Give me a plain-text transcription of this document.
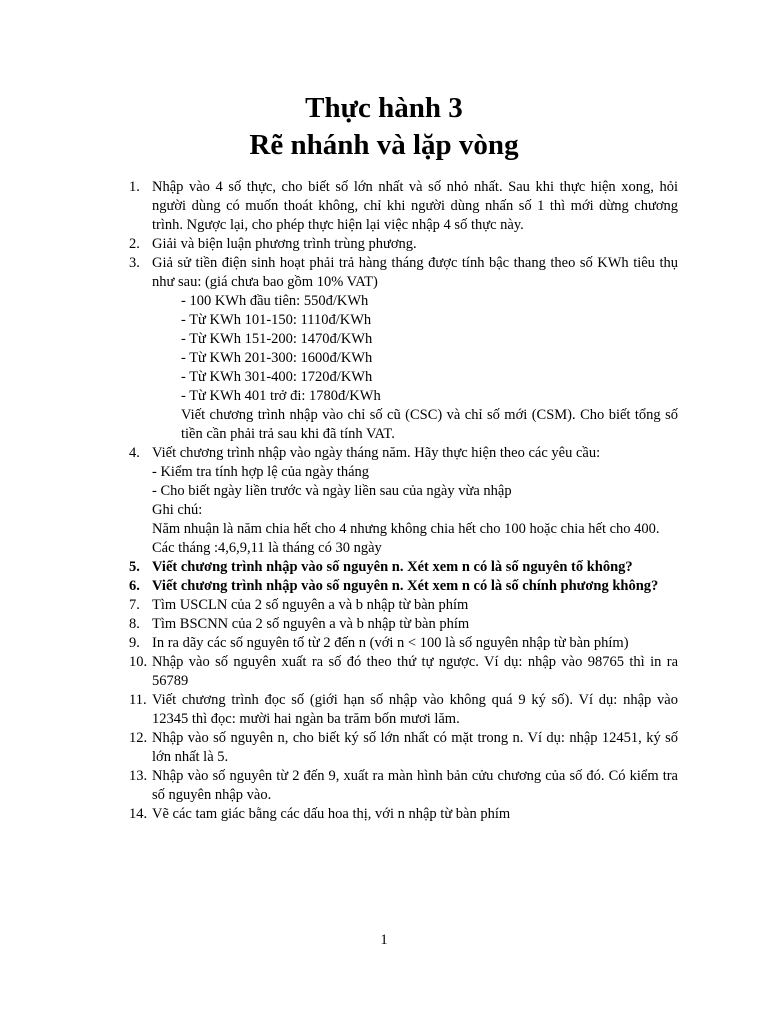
Thực hành 3
Rẽ nhánh và lặp vòng
1. Nhập vào 4 số thực, cho biết số lớn nhất và số nhỏ nhất. Sau khi thực hiện xong, hỏi người dùng có muốn thoát không, chỉ khi người dùng nhấn số 1 thì mới dừng chương trình. Ngược lại, cho phép thực hiện lại việc nhập 4 số thực này.
2. Giải và biện luận phương trình trùng phương.
3. Giả sử tiền điện sinh hoạt phải trả hàng tháng được tính bậc thang theo số KWh tiêu thụ như sau: (giá chưa bao gồm 10% VAT)
- 100 KWh đầu tiên: 550đ/KWh
- Từ KWh 101-150: 1110đ/KWh
- Từ KWh 151-200: 1470đ/KWh
- Từ KWh 201-300: 1600đ/KWh
- Từ KWh 301-400: 1720đ/KWh
- Từ KWh 401 trở đi: 1780đ/KWh
Viết chương trình nhập vào chỉ số cũ (CSC) và chỉ số mới (CSM). Cho biết tổng số tiền cần phải trả sau khi đã tính VAT.
4. Viết chương trình nhập vào ngày tháng năm. Hãy thực hiện theo các yêu cầu:
- Kiểm tra tính hợp lệ của ngày tháng
- Cho biết ngày liền trước và ngày liền sau của ngày vừa nhập
Ghi chú:
Năm nhuận là năm chia hết cho 4 nhưng không chia hết cho 100 hoặc chia hết cho 400.
Các tháng :4,6,9,11 là tháng có 30 ngày
5. Viết chương trình nhập vào số nguyên n. Xét xem n có là số nguyên tố không?
6. Viết chương trình nhập vào số nguyên n. Xét xem n có là số chính phương không?
7. Tìm USCLN của 2 số nguyên a và b nhập từ bàn phím
8. Tìm BSCNN của 2 số nguyên a và b nhập từ bàn phím
9. In ra dãy các số nguyên tố từ 2 đến n (với n < 100 là số nguyên nhập từ bàn phím)
10. Nhập vào số nguyên xuất ra số đó theo thứ tự ngược. Ví dụ: nhập vào 98765 thì in ra 56789
11. Viết chương trình đọc số (giới hạn số nhập vào không quá 9 ký số). Ví dụ: nhập vào 12345 thì đọc: mười hai ngàn ba trăm bốn mươi lăm.
12. Nhập vào số nguyên n, cho biết ký số lớn nhất có mặt trong n. Ví dụ: nhập 12451, ký số lớn nhất là 5.
13. Nhập vào số nguyên từ 2 đến 9, xuất ra màn hình bản cửu chương của số đó. Có kiểm tra số nguyên nhập vào.
14. Vẽ các tam giác bằng các dấu hoa thị, với n nhập từ bàn phím
1
